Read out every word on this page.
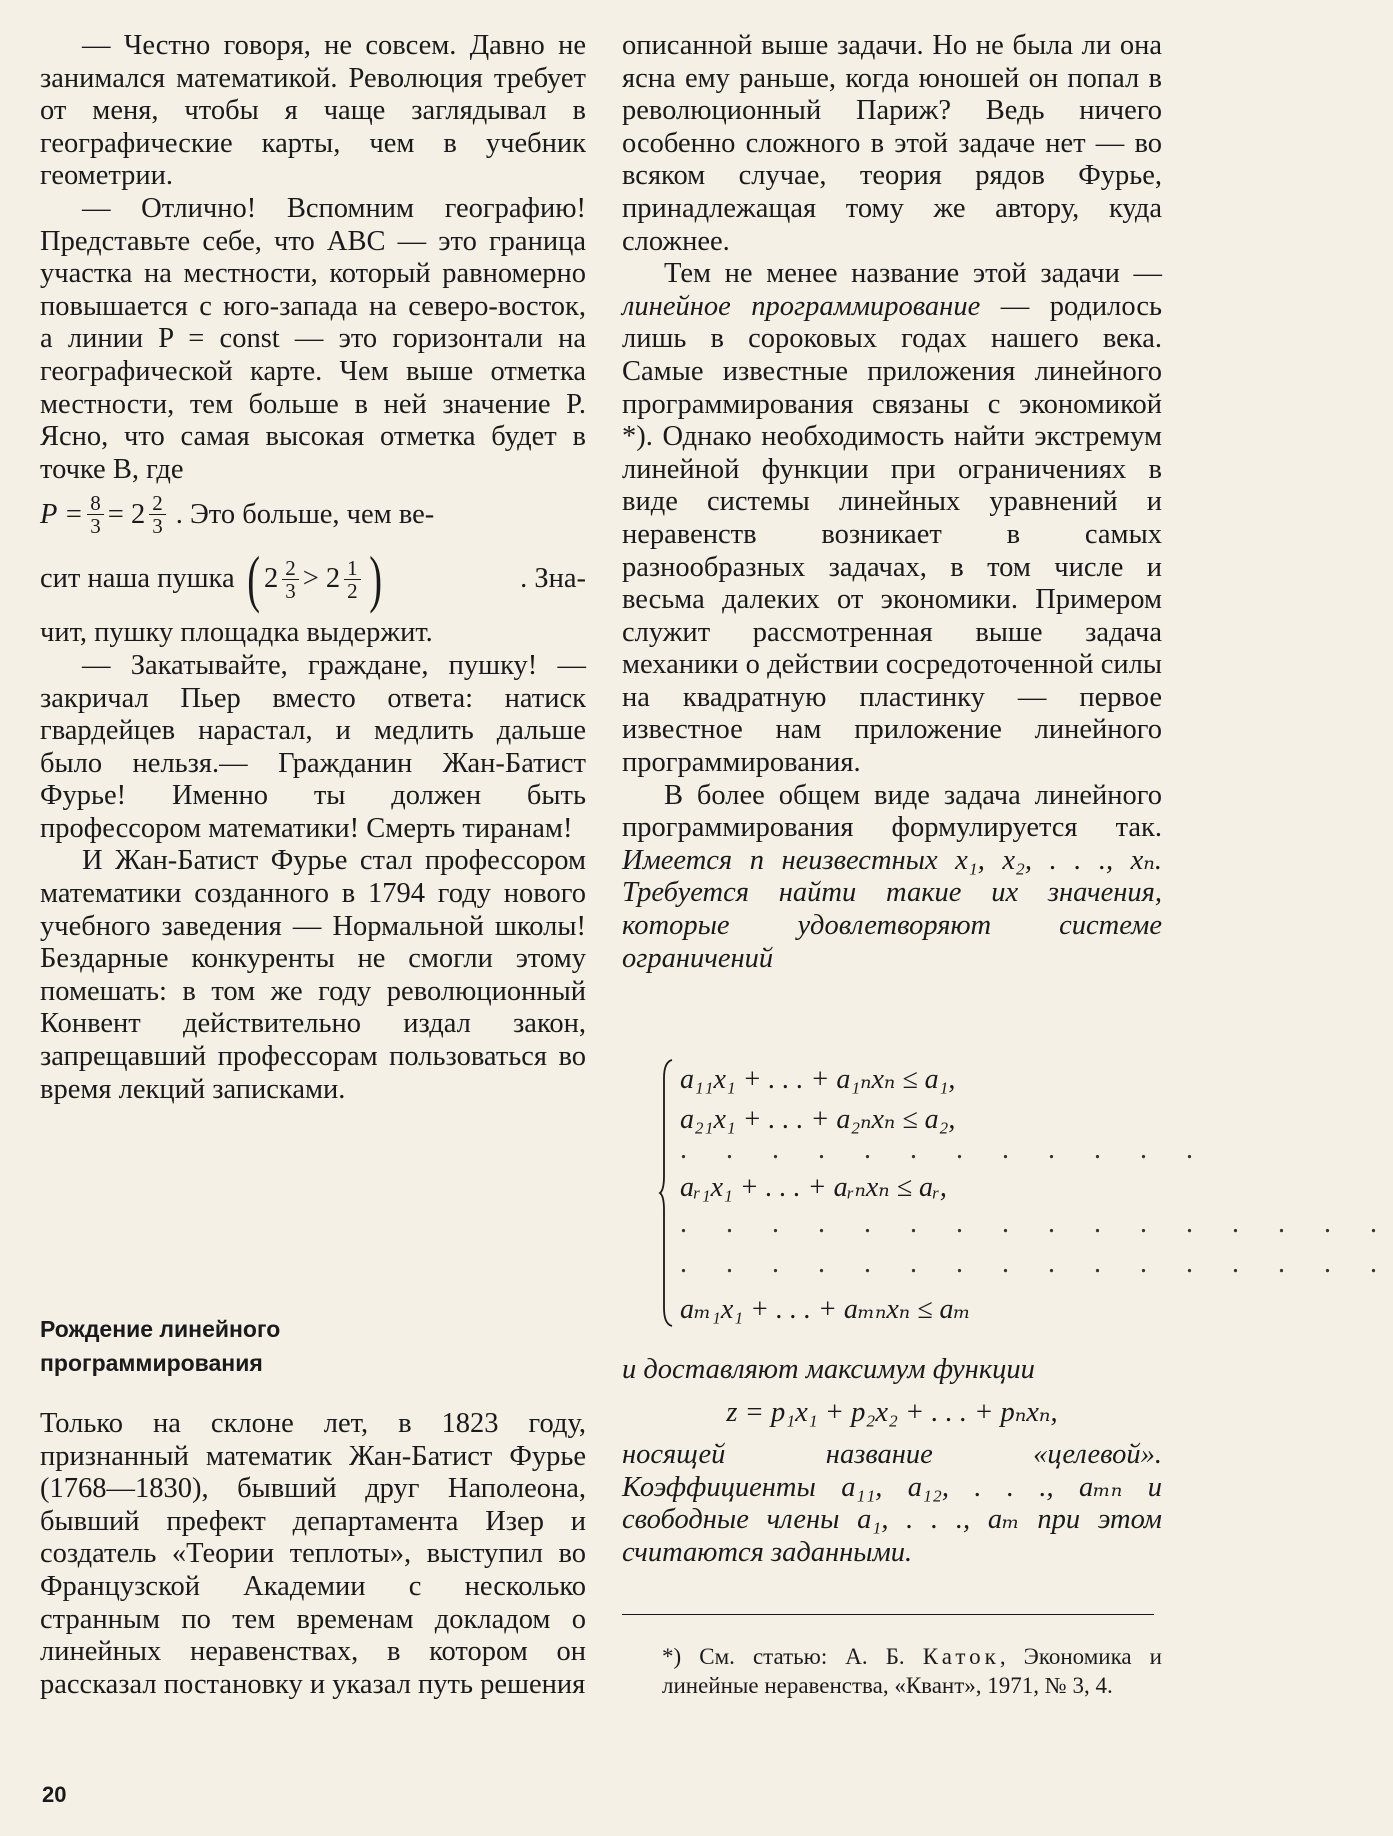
— Честно говоря, не совсем. Давно не занимался математикой. Революция требует от меня, чтобы я чаще заглядывал в географические карты, чем в учебник геометрии.

— Отлично! Вспомним географию! Представьте себе, что ABC — это граница участка на местности, который равномерно повышается с юго-запада на северо-восток, а линии P = const — это горизонтали на географической карте. Чем выше отметка местности, тем больше в ней значение P. Ясно, что самая высокая отметка будет в точке B, где

$P = \frac{8}{3} = 2 \frac{2}{3}$ . Это больше, чем ве-
сит наша пушка ( $2 \frac{2}{3} > 2 \frac{1}{2}$ )	. Зна-

чит, пушку площадка выдержит.

— Закатывайте, граждане, пушку! — закричал Пьер вместо ответа: натиск гвардейцев нарастал, и медлить дальше было нельзя.— Гражданин Жан-Батист Фурье! Именно ты должен быть профессором математики! Смерть тиранам!

И Жан-Батист Фурье стал профессором математики созданного в 1794 году нового учебного заведения — Нормальной школы! Бездарные конкуренты не смогли этому помешать: в том же году революционный Конвент действительно издал закон, запрещавший профессорам пользоваться во время лекций записками.

Рождение линейного
программирования
Только на склоне лет, в 1823 году, признанный математик Жан-Батист Фурье (1768—1830), бывший друг Наполеона, бывший префект департамента Изер и создатель «Теории теплоты», выступил во Французской Академии с несколько странным по тем временам докладом о линейных неравенствах, в котором он рассказал постановку и указал путь решения

описанной выше задачи. Но не была ли она ясна ему раньше, когда юношей он попал в революционный Париж? Ведь ничего особенно сложного в этой задаче нет — во всяком случае, теория рядов Фурье, принадлежащая тому же автору, куда сложнее.

Тем не менее название этой задачи — линейное программирование — родилось лишь в сороковых годах нашего века. Самые известные приложения линейного программирования связаны с экономикой *). Однако необходимость найти экстремум линейной функции при ограничениях в виде системы линейных уравнений и неравенств возникает в самых разнообразных задачах, в том числе и весьма далеких от экономики. Примером служит рассмотренная выше задача механики о действии сосредоточенной силы на квадратную пластинку — первое известное нам приложение линейного программирования.

В более общем виде задача линейного программирования формулируется так. Имеется n неизвестных x₁, x₂, . . ., xₙ. Требуется найти такие их значения, которые удовлетворяют системе ограничений

a₁₁x₁ + . . . + a₁ₙxₙ ≤ a₁,
a₂₁x₁ + . . . + a₂ₙxₙ ≤ a₂,
. . . . . . . . . . . .
aᵣ₁x₁ + . . . + aᵣₙxₙ ≤ aᵣ,
. . . . . . . . . . . . . . . .
. . . . . . . . . . . . . . . .
aₘ₁x₁ + . . . + aₘₙxₙ ≤ aₘ
и доставляют максимум функции
z = p₁x₁ + p₂x₂ + . . . + pₙxₙ,
носящей название «целевой». Коэффициенты a₁₁, a₁₂, . . ., aₘₙ и свободные члены a₁, . . ., aₘ при этом считаются заданными.
*) См. статью: А. Б. Каток, Экономика и линейные неравенства, «Квант», 1971, № 3, 4.
20
